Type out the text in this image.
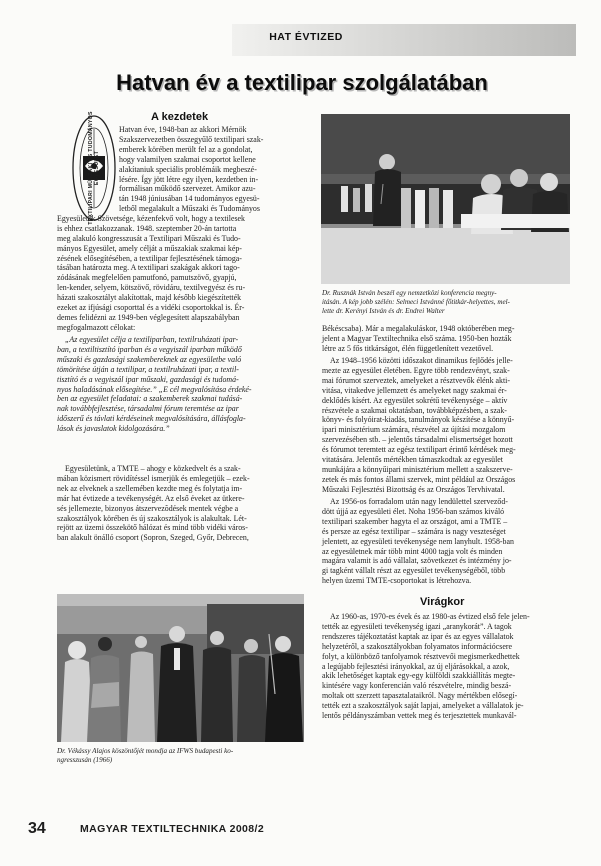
HAT ÉVTIZED
Hatvan év a textilipar szolgálatában
TEXTILIPARI MŰSZAKI ÉS TUDOMÁNYOS EGYESÜLET
A kezdetek
Hatvan éve, 1948-ban az akkori Mérnök
Szakszervezetben összegyűlő textilipari szak-
emberek körében merült fel az a gondolat,
hogy valamilyen szakmai csoportot kellene
alakítaniuk speciális problémáik megbeszé-
lésére. Így jött létre egy ilyen, kezdetben in-
formálisan működő szervezet. Amikor azu-
tán 1948 júniusában 14 tudományos egyesü-
letből megalakult a Műszaki és Tudományos
Egyesületek Szövetsége, kézenfekvő volt, hogy a textilesek
is ehhez csatlakozzanak. 1948. szeptember 20-án tartotta
meg alakuló kongresszusát a Textilipari Műszaki és Tudo-
mányos Egyesület, amely célját a műszakiak szakmai kép-
zésének elősegítésében, a textilipar fejlesztésének támoga-
tásában határozta meg. A textilipari szakágak akkori tago-
zódásának megfelelően pamutfonó, pamutszövő, gyapjú,
len-kender, selyem, kötszövő, rövidáru, textilvegyész és ru-
házati szakosztályt alakítottak, majd később kiegészítették
ezeket az ifjúsági csoporttal és a vidéki csoportokkal is. Ér-
demes felidézni az 1949-ben véglegesített alapszabályban
megfogalmazott célokat:
„Az egyesület célja a textiliparban, textilruházati ipar-
ban, a textiltisztító iparban és a vegyiszál iparban működő
műszaki és gazdasági szakembereknek az egyesületbe való
tömörítése útján a textilipar, a textilruházati ipar, a textil-
tisztító és a vegyiszál ipar műszaki, gazdasági és tudomá-
nyos haladásának elősegítése.” „E cél megvalósítása érdeké-
ben az egyesület feladatai: a szakemberek szakmai tudásá-
nak továbbfejlesztése, társadalmi fórum teremtése az ipar
időszerű és távlati kérdéseinek megvalósítására, állásfogla-
lások és javaslatok kidolgozására.”
Egyesületünk, a TMTE – ahogy e közkedvelt és a szak-
mában közismert rövidítéssel ismerjük és emlegetjük – ezek-
nek az elveknek a szellemében kezdte meg és folytatja im-
már hat évtizede a tevékenységét. Az első éveket az ütkere-
sés jellemezte, bizonyos átszervezõdések mentek végbe a
szakosztályok körében és új szakosztályok is alakultak. Lét-
rejött az üzemi összekötő hálózat és mind több vidéki város-
ban alakult önálló csoport (Sopron, Szeged, Győr, Debrecen,
Dr. Vékássy Alajos köszöntőjét mondja az IFWS budapesti ko-
ngresszusán (1966)
Dr. Rusznák István beszél egy nemzetközi konferencia megny-
itásán. A kép jobb szélén: Selmeci Istvánné főtitkár-helyettes, mel-
lette dr. Kerényi István és dr. Endrei Walter
Békéscsaba). Már a megalakuláskor, 1948 októberében meg-
jelent a Magyar Textiltechnika első száma. 1950-ben hozták
létre az 5 fős titkárságot, élén függetlenített vezetővel.
Az 1948–1956 közötti időszakot dinamikus fejlődés jelle-
mezte az egyesület életében. Egyre több rendezvényt, szak-
mai fórumot szerveztek, amelyeket a résztvevők élénk akti-
vitása, vitakedve jellemzett és amelyeket nagy szakmai ér-
deklődés kísért. Az egyesület sokrétű tevékenysége – aktív
részvétele a szakmai oktatásban, továbbképzésben, a szak-
könyv- és folyóirat-kiadás, tanulmányok készítése a könnyű-
ipari minisztérium számára, részvétel az újítási mozgalom
szervezésében stb. – jelentős társadalmi elismertséget hozott
és fórumot teremtett az egész textilipart érintő kérdések meg-
vitatására. Jelentős mértékben támaszkodtak az egyesület
munkájára a könnyűipari minisztérium mellett a szakszerve-
zetek és más fontos állami szervek, mint például az Országos
Műszaki Fejlesztési Bizottság és az Országos Tervhivatal.
Az 1956-os forradalom után nagy lendülettel szerveződ-
dött újjá az egyesületi élet. Noha 1956-ban számos kiváló
textilipari szakember hagyta el az országot, ami a TMTE –
és persze az egész textilipar – számára is nagy veszteséget
jelentett, az egyesületi tevékenysége nem lanyhult. 1958-ban
az egyesületnek már több mint 4000 tagja volt és minden
magára valamit is adó vállalat, szövetkezet és intézmény jo-
gi tagként vállalt részt az egyesület tevékenységéből, több
helyen üzemi TMTE-csoportokat is létrehozva.
Virágkor
Az 1960-as, 1970-es évek és az 1980-as évtized első fele jelen-
tették az egyesületi tevékenység igazi „aranykorát”. A tagok
rendszeres tájékoztatást kaptak az ipar és az egyes vállalatok
helyzetéről, a szakosztályokban folyamatos információcsere
folyt, a különböző tanfolyamok résztvevői megismerkedhettek
a legújabb fejlesztési irányokkal, az új eljárásokkal, a azok,
akik lehetőséget kaptak egy-egy külföldi szakkiállítás megte-
kintésére vagy konferencián való részvételre, mindig beszá-
moltak ott szerzett tapasztalataikról. Nagy mértékben elősegí-
tették ezt a szakosztályok saját lapjai, amelyeket a vállalatok je-
lentős példányszámban vettek meg és terjesztettek munkavál-
34	MAGYAR TEXTILTECHNIKA 2008/2
